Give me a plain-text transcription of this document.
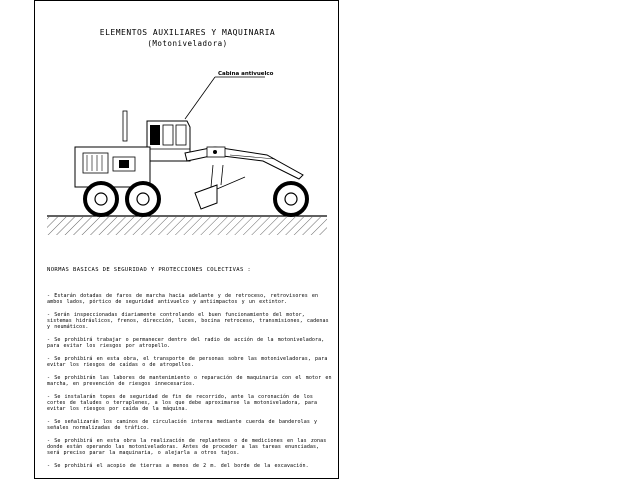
ELEMENTOS AUXILIARES Y MAQUINARIA
(Motoniveladora)
Cabina antivuelco
NORMAS BASICAS DE SEGURIDAD Y PROTECCIONES COLECTIVAS :
- Estarán dotadas de faros de marcha hacia adelante y de retroceso, retrovisores en ambos lados, pórtico de seguridad antivuelco y antiimpactos y un extintor.
- Serán inspeccionadas diariamente controlando el buen funcionamiento del motor, sistemas hidráulicos, frenos, dirección, luces, bocina retroceso, transmisiones, cadenas y neumáticos.
- Se prohibirá trabajar o permanecer dentro del radio de acción de la motoniveladora, para evitar los riesgos por atropello.
- Se prohibirá en esta obra, el transporte de personas sobre las motoniveladoras, para evitar los riesgos de caídas o de atropellos.
- Se prohibirán las labores de mantenimiento o reparación de maquinaria con el motor en marcha, en prevención de riesgos innecesarios.
- Se instalarán topes de seguridad de fin de recorrido, ante la coronación de los cortes de taludes o terraplenes, a los que debe aproximarse la motoniveladora, para evitar los riesgos por caída de la máquina.
- Se señalizarán los caminos de circulación interna mediante cuerda de banderolas y señales normalizadas de tráfico.
- Se prohibirá en esta obra la realización de replanteos o de mediciones en las zonas donde están operando las motoniveladoras. Antes de proceder a las tareas enunciadas, será preciso parar la maquinaria, o alejarla a otros tajos.
- Se prohibirá el acopio de tierras a menos de 2 m. del borde de la excavación.
